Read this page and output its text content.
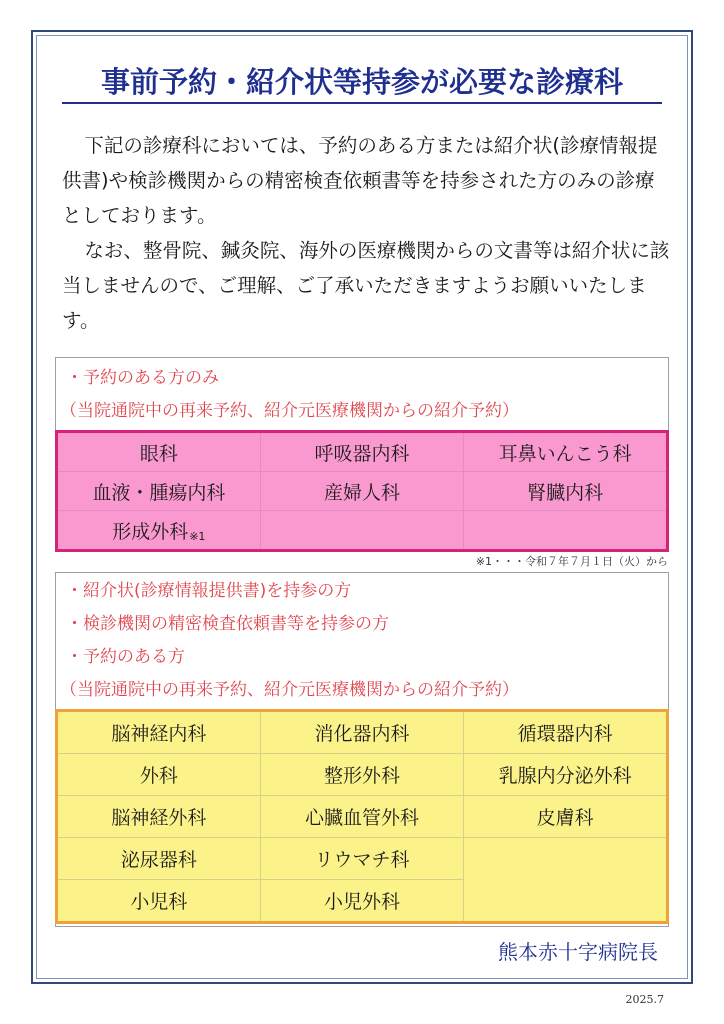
事前予約・紹介状等持参が必要な診療科

下記の診療科においては、予約のある方または紹介状(診療情報提供書)や検診機関からの精密検査依頼書等を持参された方のみの診療としております。

なお、整骨院、鍼灸院、海外の医療機関からの文書等は紹介状に該当しませんので、ご理解、ご了承いただきますようお願いいたします。

・予約のある方のみ
（当院通院中の再来予約、紹介元医療機関からの紹介予約）
眼科	呼吸器内科	耳鼻いんこう科
血液・腫瘍内科	産婦人科	腎臓内科
形成外科※1		
※1・・・令和７年７月１日（火）から
・紹介状(診療情報提供書)を持参の方
・検診機関の精密検査依頼書等を持参の方
・予約のある方
（当院通院中の再来予約、紹介元医療機関からの紹介予約）
脳神経内科	消化器内科	循環器内科
外科	整形外科	乳腺内分泌外科
脳神経外科	心臓血管外科	皮膚科
泌尿器科	リウマチ科	
小児科	小児外科	
熊本赤十字病院長
2025.7
